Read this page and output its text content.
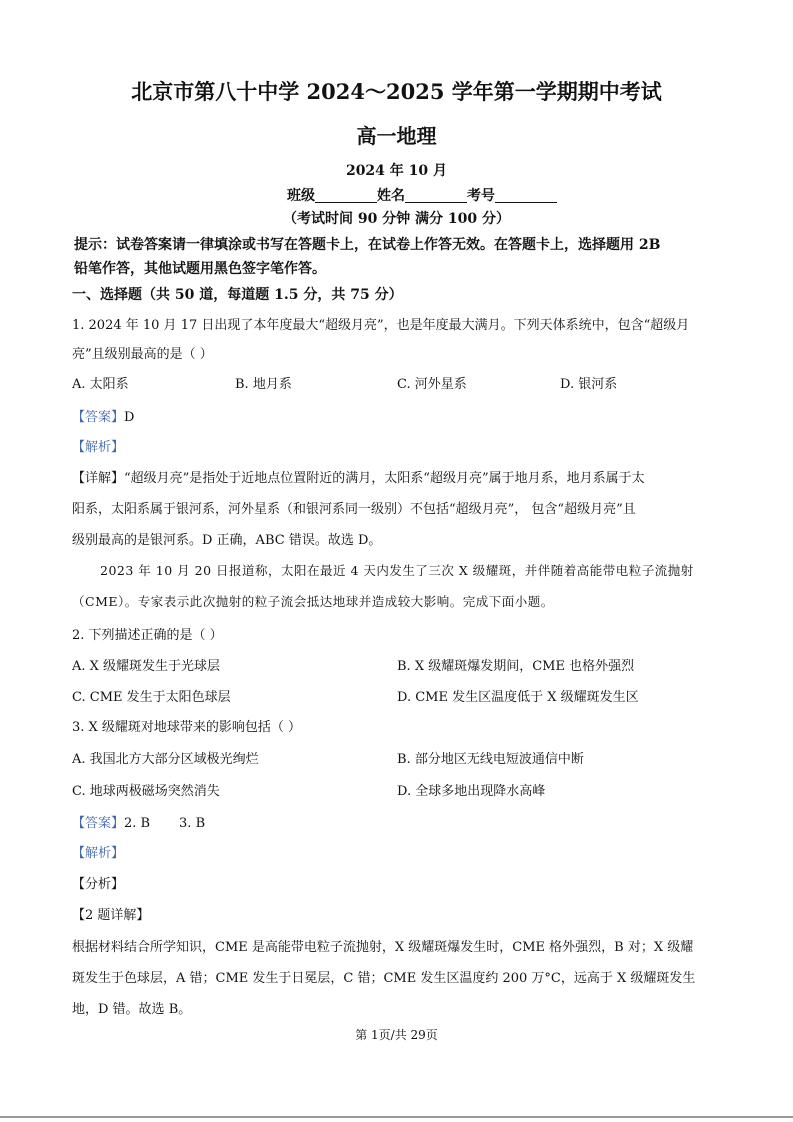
北京市第八十中学 2024～2025 学年第一学期期中考试
高一地理
2024 年 10 月
班级	姓名	考号
（考试时间 90 分钟 满分 100 分）
提示：试卷答案请一律填涂或书写在答题卡上，在试卷上作答无效。在答题卡上，选择题用 2B
铅笔作答，其他试题用黑色签字笔作答。
一、选择题（共 50 道，每道题 1.5 分，共 75 分）
1. 2024 年 10 月 17 日出现了本年度最大“超级月亮”，也是年度最大满月。下列天体系统中，包含“超级月
亮”且级别最高的是（ ）
A. 太阳系	B. 地月系	C. 河外星系	D. 银河系
【答案】D
【解析】
【详解】“超级月亮”是指处于近地点位置附近的满月，太阳系“超级月亮”属于地月系，地月系属于太
阳系，太阳系属于银河系，河外星系（和银河系同一级别）不包括“超级月亮”， 包含“超级月亮”且
级别最高的是银河系。D 正确，ABC 错误。故选 D。
2023 年 10 月 20 日报道称，太阳在最近 4 天内发生了三次 X 级耀斑，并伴随着高能带电粒子流抛射
（CME）。专家表示此次抛射的粒子流会抵达地球并造成较大影响。完成下面小题。
2. 下列描述正确的是（ ）
A. X 级耀斑发生于光球层	B. X 级耀斑爆发期间，CME 也格外强烈
C. CME 发生于太阳色球层	D. CME 发生区温度低于 X 级耀斑发生区
3. X 级耀斑对地球带来的影响包括（ ）
A. 我国北方大部分区域极光绚烂	B. 部分地区无线电短波通信中断
C. 地球两极磁场突然消失	D. 全球多地出现降水高峰
【答案】2. B       3. B
【解析】
【分析】
【2 题详解】
根据材料结合所学知识，CME 是高能带电粒子流抛射，X 级耀斑爆发生时，CME 格外强烈，B 对；X 级耀
斑发生于色球层，A 错；CME 发生于日冕层，C 错；CME 发生区温度约 200 万°C，远高于 X 级耀斑发生
地，D 错。故选 B。
第 1页/共 29页
